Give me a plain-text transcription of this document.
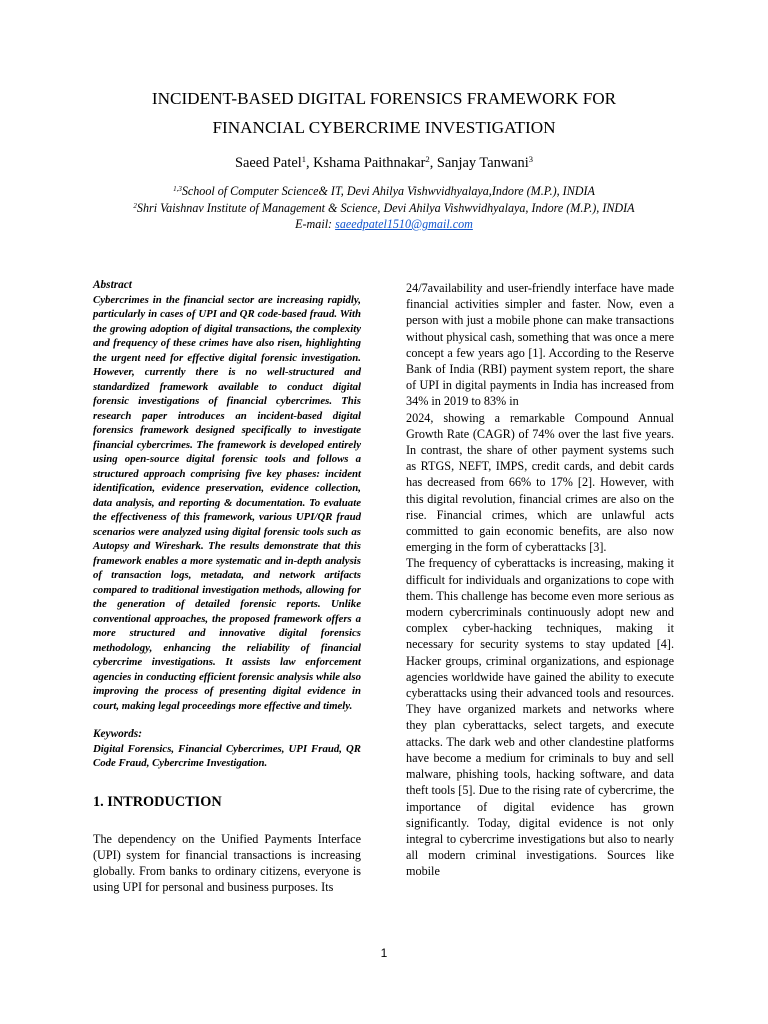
INCIDENT-BASED DIGITAL FORENSICS FRAMEWORK FOR
FINANCIAL CYBERCRIME INVESTIGATION
Saeed Patel$^1$, Kshama Paithnakar$^2$, Sanjay Tanwani$^3$
$^{1,3}$School of Computer Science& IT, Devi Ahilya Vishwvidhyalaya,Indore (M.P.), INDIA
$^2$Shri Vaishnav Institute of Management & Science, Devi Ahilya Vishwvidhyalaya, Indore (M.P.), INDIA
E-mail: saeedpatel1510@gmail.com
Abstract

Cybercrimes in the financial sector are increasing rapidly, particularly in cases of UPI and QR code-based fraud. With the growing adoption of digital transactions, the complexity and frequency of these crimes have also risen, highlighting the urgent need for effective digital forensic investigation. However, currently there is no well-structured and standardized framework available to conduct digital forensic investigations of financial cybercrimes. This research paper introduces an incident-based digital forensics framework designed specifically to investigate financial cybercrimes. The framework is developed entirely using open-source digital forensic tools and follows a structured approach comprising five key phases: incident identification, evidence preservation, evidence collection, data analysis, and reporting & documentation. To evaluate the effectiveness of this framework, various UPI/QR fraud scenarios were analyzed using digital forensic tools such as Autopsy and Wireshark. The results demonstrate that this framework enables a more systematic and in-depth analysis of transaction logs, metadata, and network artifacts compared to traditional investigation methods, allowing for the generation of detailed forensic reports. Unlike conventional approaches, the proposed framework offers a more structured and innovative digital forensics methodology, enhancing the reliability of financial cybercrime investigations. It assists law enforcement agencies in conducting efficient forensic analysis while also improving the process of presenting digital evidence in court, making legal proceedings more effective and timely.

Keywords:

Digital Forensics, Financial Cybercrimes, UPI Fraud, QR Code Fraud, Cybercrime Investigation.

1. INTRODUCTION

The dependency on the Unified Payments Interface (UPI) system for financial transactions is increasing globally. From banks to ordinary citizens, everyone is using UPI for personal and business purposes. Its

24/7availability and user-friendly interface have made financial activities simpler and faster. Now, even a person with just a mobile phone can make transactions without physical cash, something that was once a mere concept a few years ago [1]. According to the Reserve Bank of India (RBI) payment system report, the share of UPI in digital payments in India has increased from 34% in 2019 to 83% in

2024, showing a remarkable Compound Annual Growth Rate (CAGR) of 74% over the last five years. In contrast, the share of other payment systems such as RTGS, NEFT, IMPS, credit cards, and debit cards has decreased from 66% to 17% [2]. However, with this digital revolution, financial crimes are also on the rise. Financial crimes, which are unlawful acts committed to gain economic benefits, are also now emerging in the form of cyberattacks [3].

The frequency of cyberattacks is increasing, making it difficult for individuals and organizations to cope with them. This challenge has become even more serious as modern cybercriminals continuously adopt new and complex cyber-hacking techniques, making it necessary for security systems to stay updated [4]. Hacker groups, criminal organizations, and espionage agencies worldwide have gained the ability to execute cyberattacks using their advanced tools and resources. They have organized markets and networks where they plan cyberattacks, select targets, and execute attacks. The dark web and other clandestine platforms have become a medium for criminals to buy and sell malware, phishing tools, hacking software, and data theft tools [5]. Due to the rising rate of cybercrime, the importance of digital evidence has grown significantly. Today, digital evidence is not only integral to cybercrime investigations but also to nearly all modern criminal investigations. Sources like mobile

1
